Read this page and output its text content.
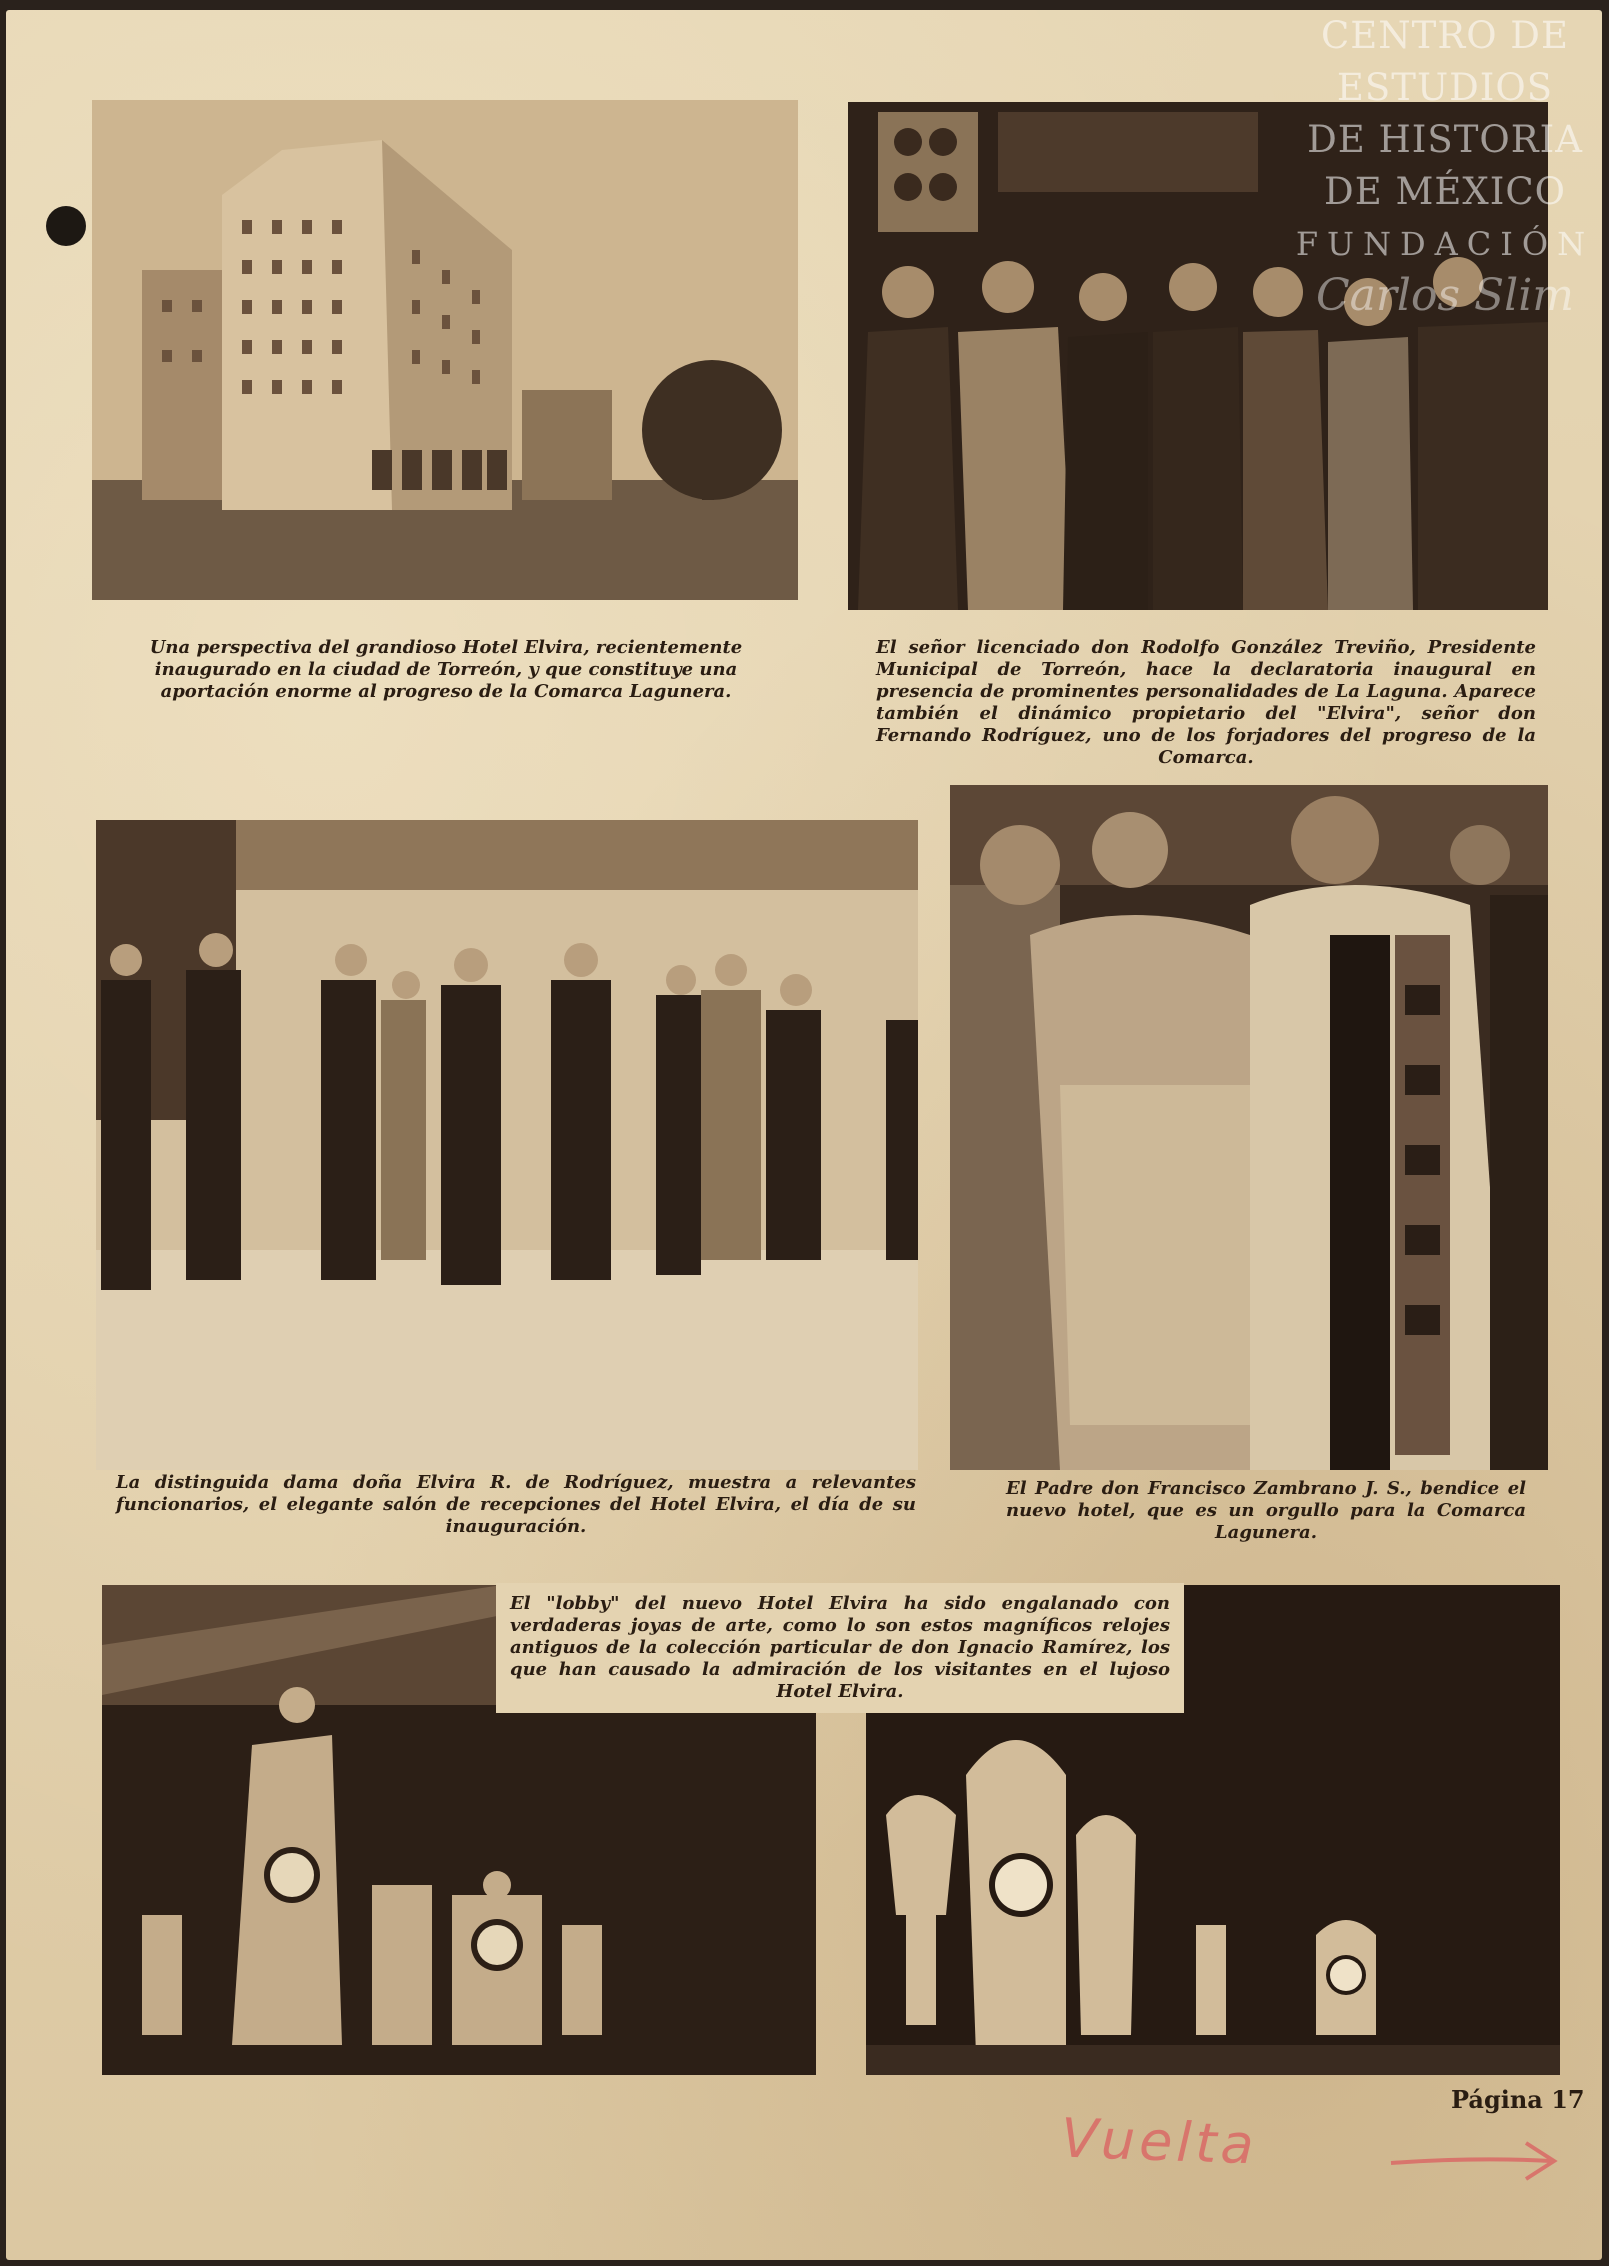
Una perspectiva del grandioso Hotel Elvira, recientemente inaugurado en la ciudad de Torreón, y que constituye una aportación enorme al progreso de la Comarca Lagunera.
El señor licenciado don Rodolfo González Treviño, Presidente Municipal de Torreón, hace la declaratoria inaugural en presencia de prominentes personalidades de La Laguna. Aparece también el dinámico propietario del "Elvira", señor don Fernando Rodríguez, uno de los forjadores del progreso de la Comarca.
La distinguida dama doña Elvira R. de Rodríguez, muestra a relevantes funcionarios, el elegante salón de recepciones del Hotel Elvira, el día de su inauguración.
El Padre don Francisco Zambrano J. S., bendice el nuevo hotel, que es un orgullo para la Comarca Lagunera.
El "lobby" del nuevo Hotel Elvira ha sido engalanado con verdaderas joyas de arte, como lo son estos magníficos relojes antiguos de la colección particular de don Ignacio Ramírez, los que han causado la admiración de los visitantes en el lujoso Hotel Elvira.
Página 17
Vuelta
CENTRO DE
ESTUDIOS
DE HISTORIA
DE MÉXICO
FUNDACIÓN
Carlos Slim
